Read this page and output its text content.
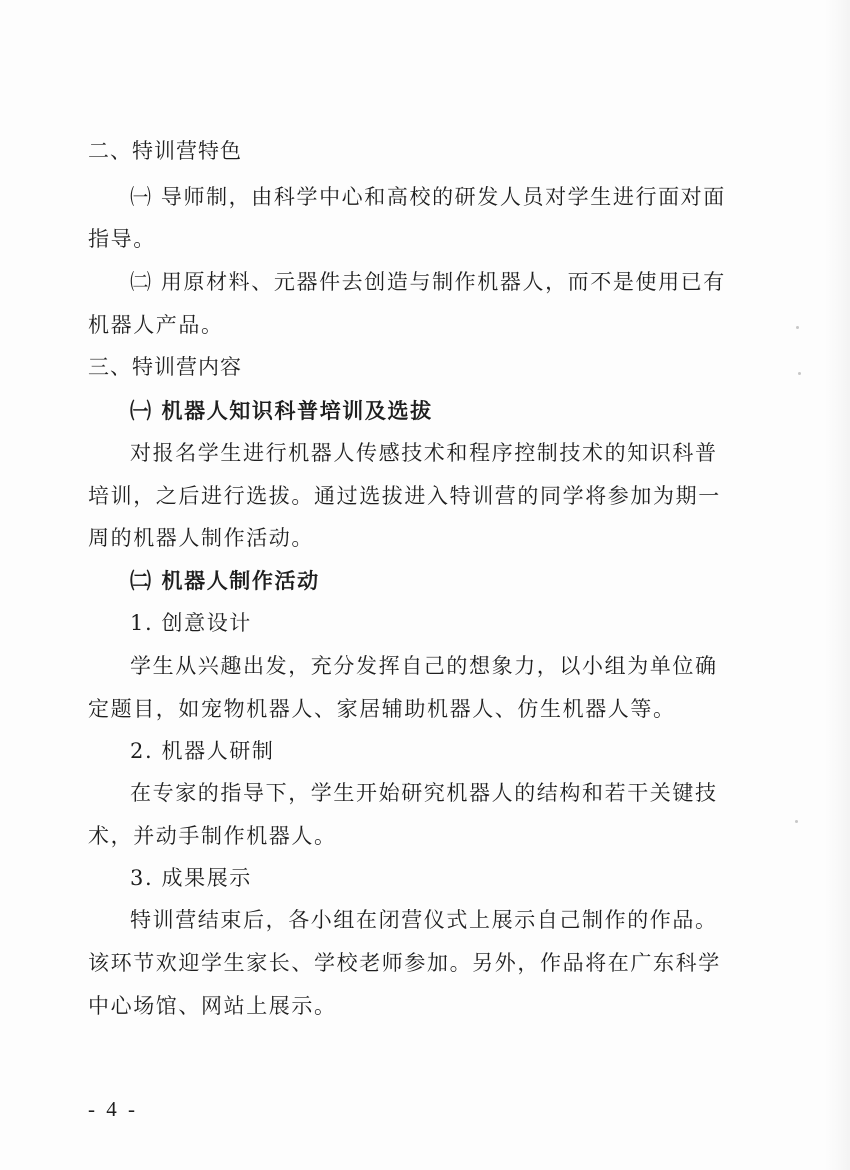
二、特训营特色
㈠ 导师制，由科学中心和高校的研发人员对学生进行面对面
指导。
㈡ 用原材料、元器件去创造与制作机器人，而不是使用已有
机器人产品。
三、特训营内容
㈠ 机器人知识科普培训及选拔
对报名学生进行机器人传感技术和程序控制技术的知识科普
培训，之后进行选拔。通过选拔进入特训营的同学将参加为期一
周的机器人制作活动。
㈡ 机器人制作活动
1. 创意设计
学生从兴趣出发，充分发挥自己的想象力，以小组为单位确
定题目，如宠物机器人、家居辅助机器人、仿生机器人等。
2. 机器人研制
在专家的指导下，学生开始研究机器人的结构和若干关键技
术，并动手制作机器人。
3. 成果展示
特训营结束后，各小组在闭营仪式上展示自己制作的作品。
该环节欢迎学生家长、学校老师参加。另外，作品将在广东科学
中心场馆、网站上展示。
- 4 -
